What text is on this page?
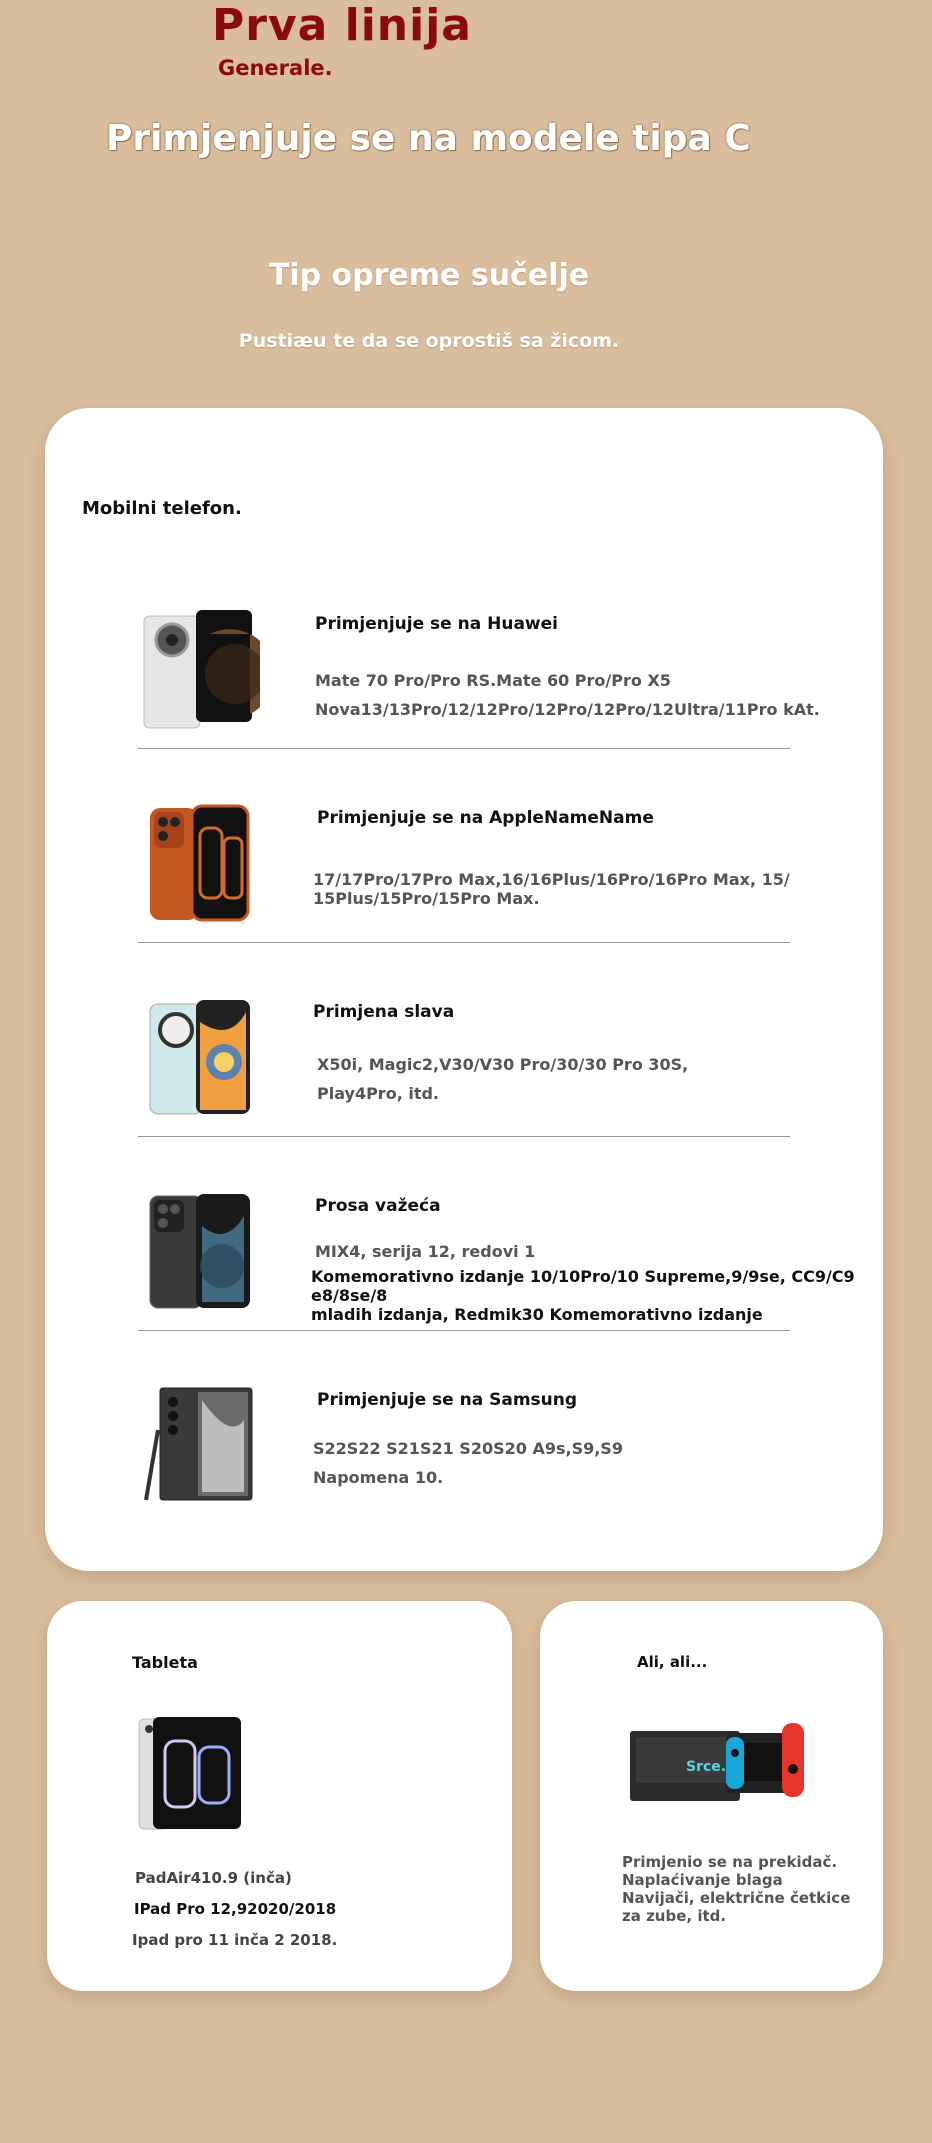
Prva linija
Generale.
Primjenjuje se na modele tipa C
Tip opreme sučelje
Pustiæu te da se oprostiš sa žicom.
Mobilni telefon.
Primjenjuje se na Huawei
Mate 70 Pro/Pro RS.Mate 60 Pro/Pro X5
Nova13/13Pro/12/12Pro/12Pro/12Pro/12Ultra/11Pro kAt.
Primjenjuje se na AppleNameName
17/17Pro/17Pro Max,16/16Plus/16Pro/16Pro Max, 15/
15Plus/15Pro/15Pro Max.
Primjena slava
X50i, Magic2,V30/V30 Pro/30/30 Pro 30S,
Play4Pro, itd.
Prosa važeća
MIX4, serija 12, redovi 1
Komemorativno izdanje 10/10Pro/10 Supreme,9/9se, CC9/C9 e8/8se/8
mladih izdanja, Redmik30 Komemorativno izdanje
Primjenjuje se na Samsung
S22S22 S21S21 S20S20 A9s,S9,S9
Napomena 10.
Tableta
PadAir410.9 (inča)
IPad Pro 12,92020/2018
Ipad pro 11 inča 2 2018.
Ali, ali...
Srce.
Primjenio se na prekidač.
Naplaćivanje blaga
Navijači, električne četkice za zube, itd.
